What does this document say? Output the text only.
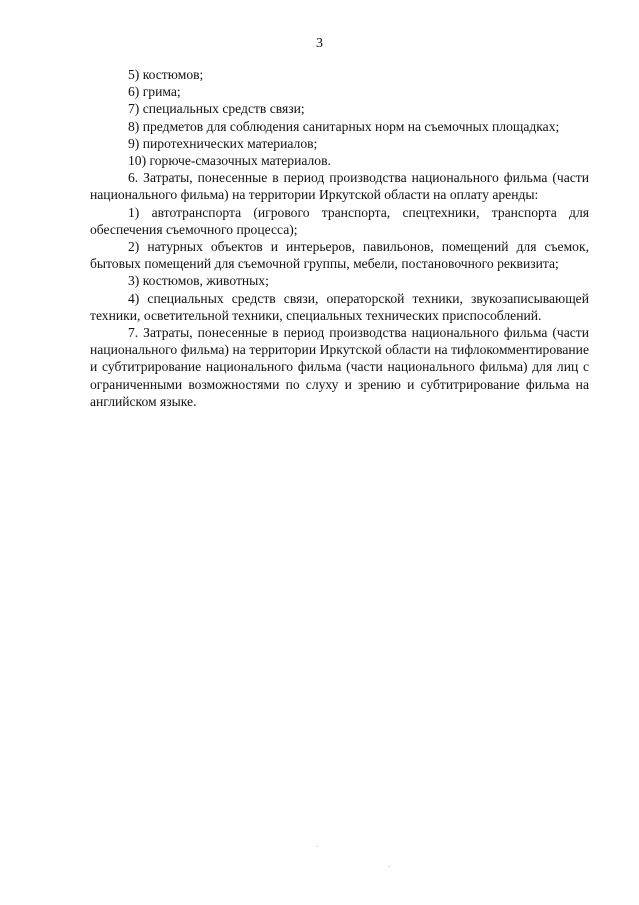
3

5) костюмов;

6) грима;

7) специальных средств связи;

8) предметов для соблюдения санитарных норм на съемочных площадках;

9) пиротехнических материалов;

10) горюче-смазочных материалов.

6. Затраты, понесенные в период производства национального фильма (части национального фильма) на территории Иркутской области на оплату аренды:

1) автотранспорта (игрового транспорта, спецтехники, транспорта для обеспечения съемочного процесса);

2) натурных объектов и интерьеров, павильонов, помещений для съемок, бытовых помещений для съемочной группы, мебели, постановочного реквизита;

3) костюмов, животных;

4) специальных средств связи, операторской техники, звукозаписывающей техники, осветительной техники, специальных технических приспособлений.

7. Затраты, понесенные в период производства национального фильма (части национального фильма) на территории Иркутской области на тифлокомментирование и субтитрирование национального фильма (части национального фильма) для лиц с ограниченными возможностями по слуху и зрению и субтитрирование фильма на английском языке.
